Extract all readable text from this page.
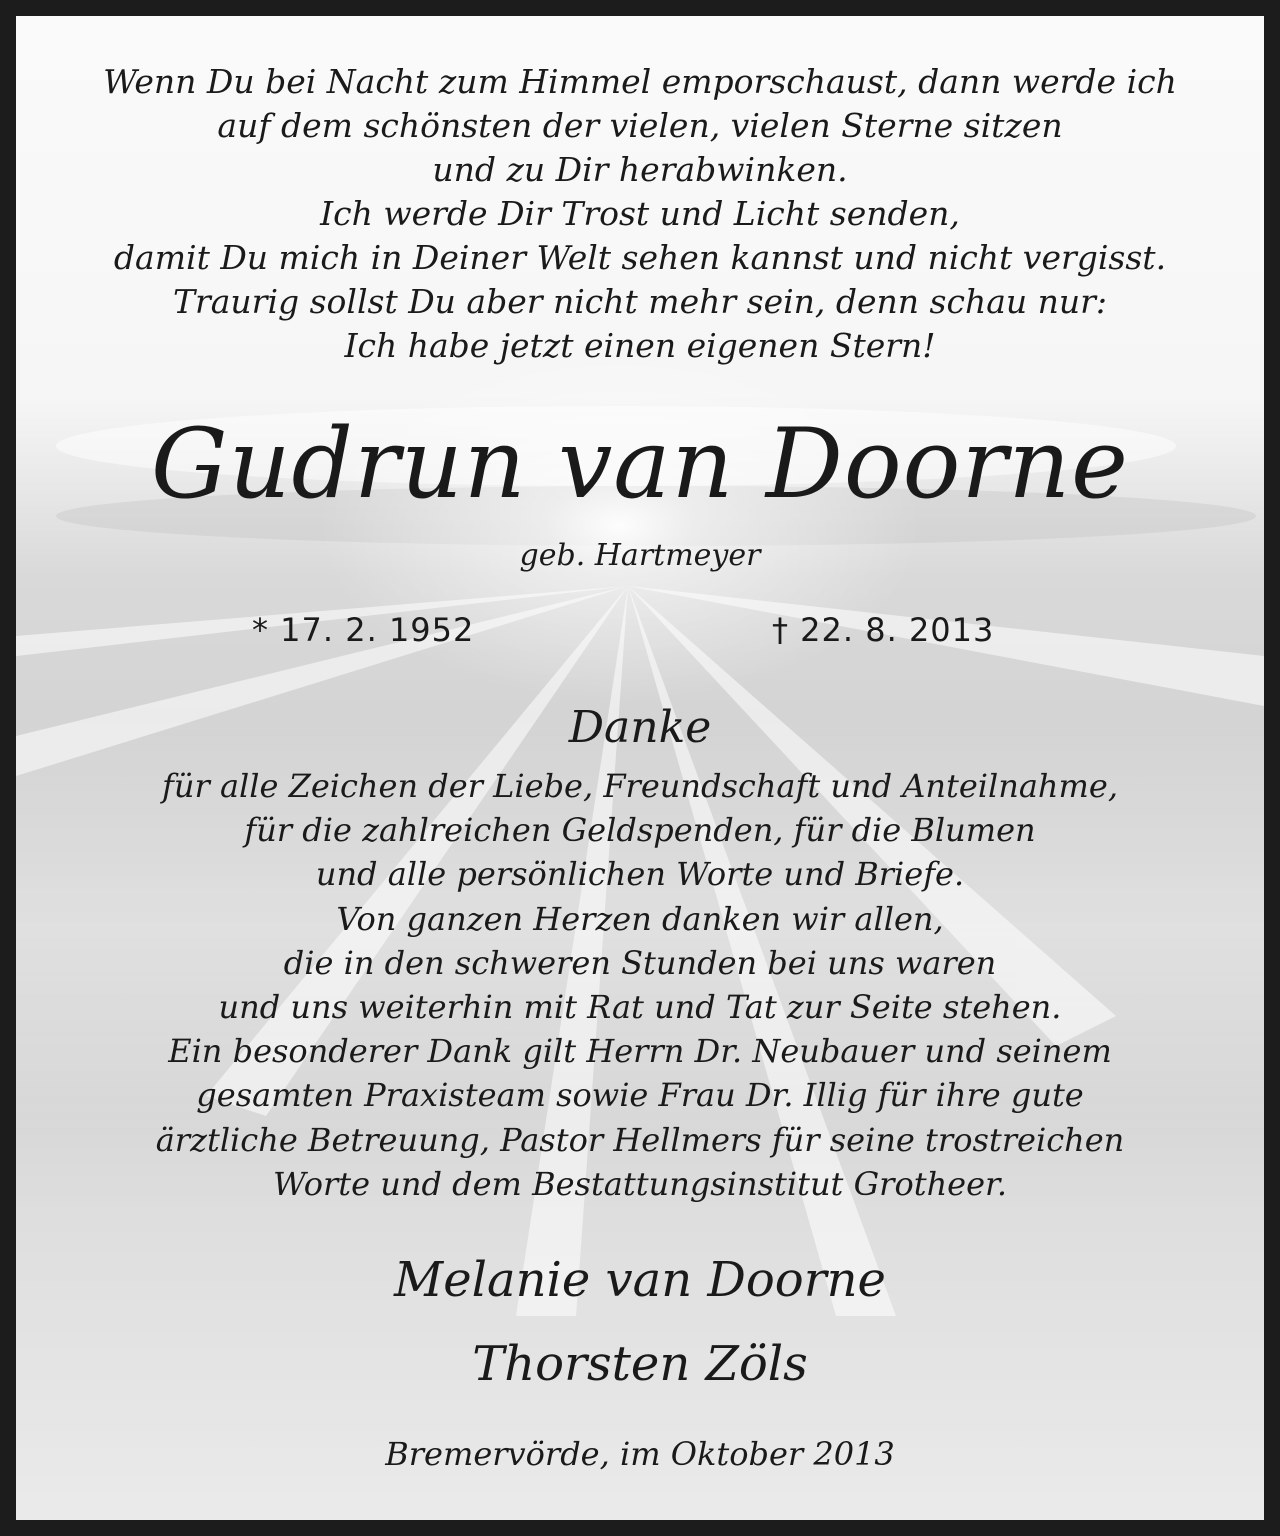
Wenn Du bei Nacht zum Himmel emporschaust, dann werde ich
auf dem schönsten der vielen, vielen Sterne sitzen
und zu Dir herabwinken.
Ich werde Dir Trost und Licht senden,
damit Du mich in Deiner Welt sehen kannst und nicht vergisst.
Traurig sollst Du aber nicht mehr sein, denn schau nur:
Ich habe jetzt einen eigenen Stern!
Gudrun van Doorne
geb. Hartmeyer
* 17. 2. 1952	† 22. 8. 2013
Danke
für alle Zeichen der Liebe, Freundschaft und Anteilnahme,
für die zahlreichen Geldspenden, für die Blumen
und alle persönlichen Worte und Briefe.
Von ganzen Herzen danken wir allen,
die in den schweren Stunden bei uns waren
und uns weiterhin mit Rat und Tat zur Seite stehen.
Ein besonderer Dank gilt Herrn Dr. Neubauer und seinem
gesamten Praxisteam sowie Frau Dr. Illig für ihre gute
ärztliche Betreuung, Pastor Hellmers für seine trostreichen
Worte und dem Bestattungsinstitut Grotheer.
Melanie van Doorne
Thorsten Zöls
Bremervörde, im Oktober 2013
